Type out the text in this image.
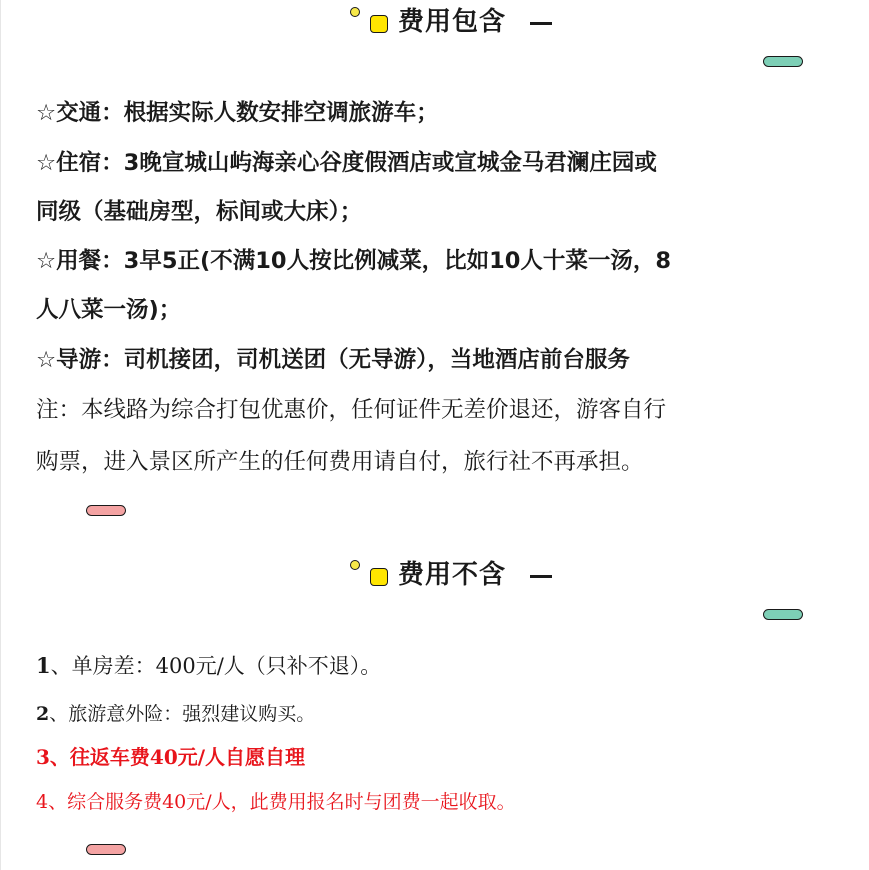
费用包含
☆交通：根据实际人数安排空调旅游车；
☆住宿：3晚宣城山屿海亲心谷度假酒店或宣城金马君澜庄园或
同级（基础房型，标间或大床）；
☆用餐：3早5正(不满10人按比例减菜，比如10人十菜一汤，8
人八菜一汤)；
☆导游：司机接团，司机送团（无导游），当地酒店前台服务
注：本线路为综合打包优惠价，任何证件无差价退还，游客自行
购票，进入景区所产生的任何费用请自付，旅行社不再承担。
费用不含
1、单房差：400元/人（只补不退）。
2、旅游意外险：强烈建议购买。
3、往返车费40元/人自愿自理
4、综合服务费40元/人，此费用报名时与团费一起收取。
